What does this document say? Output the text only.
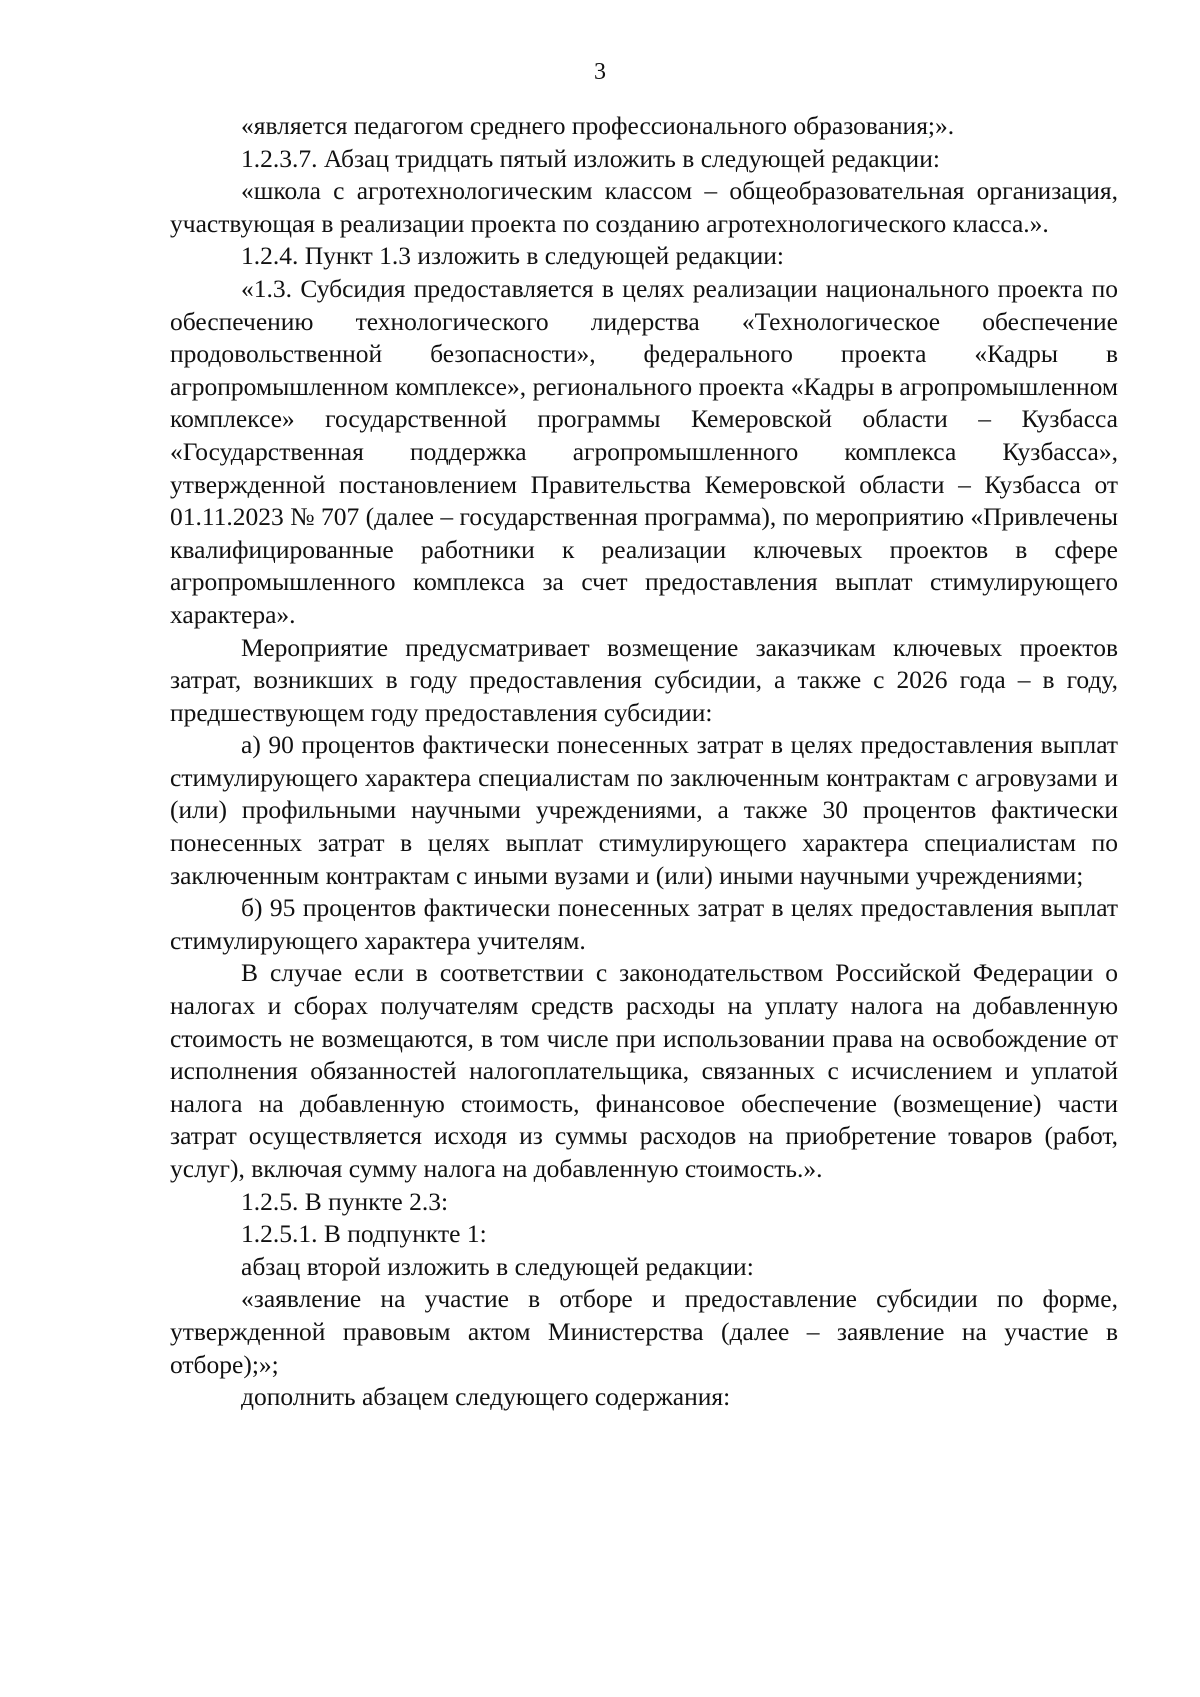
3

«является педагогом среднего профессионального образования;».

1.2.3.7. Абзац тридцать пятый изложить в следующей редакции:

«школа с агротехнологическим классом – общеобразовательная организация, участвующая в реализации проекта по созданию агротехнологического класса.».

1.2.4. Пункт 1.3 изложить в следующей редакции:

«1.3. Субсидия предоставляется в целях реализации национального проекта по обеспечению технологического лидерства «Технологическое обеспечение продовольственной безопасности», федерального проекта «Кадры в агропромышленном комплексе», регионального проекта «Кадры в агропромышленном комплексе» государственной программы Кемеровской области – Кузбасса «Государственная поддержка агропромышленного комплекса Кузбасса», утвержденной постановлением Правительства Кемеровской области – Кузбасса от 01.11.2023 № 707 (далее – государственная программа), по мероприятию «Привлечены квалифицированные работники к реализации ключевых проектов в сфере агропромышленного комплекса за счет предоставления выплат стимулирующего характера».

Мероприятие предусматривает возмещение заказчикам ключевых проектов затрат, возникших в году предоставления субсидии, а также с 2026 года – в году, предшествующем году предоставления субсидии:

а) 90 процентов фактически понесенных затрат в целях предоставления выплат стимулирующего характера специалистам по заключенным контрактам с агровузами и (или) профильными научными учреждениями, а также 30 процентов фактически понесенных затрат в целях выплат стимулирующего характера специалистам по заключенным контрактам с иными вузами и (или) иными научными учреждениями;

б) 95 процентов фактически понесенных затрат в целях предоставления выплат стимулирующего характера учителям.

В случае если в соответствии с законодательством Российской Федерации о налогах и сборах получателям средств расходы на уплату налога на добавленную стоимость не возмещаются, в том числе при использовании права на освобождение от исполнения обязанностей налогоплательщика, связанных с исчислением и уплатой налога на добавленную стоимость, финансовое обеспечение (возмещение) части затрат осуществляется исходя из суммы расходов на приобретение товаров (работ, услуг), включая сумму налога на добавленную стоимость.».

1.2.5. В пункте 2.3:

1.2.5.1. В подпункте 1:

абзац второй изложить в следующей редакции:

«заявление на участие в отборе и предоставление субсидии по форме, утвержденной правовым актом Министерства (далее – заявление на участие в отборе);»;

дополнить абзацем следующего содержания:
